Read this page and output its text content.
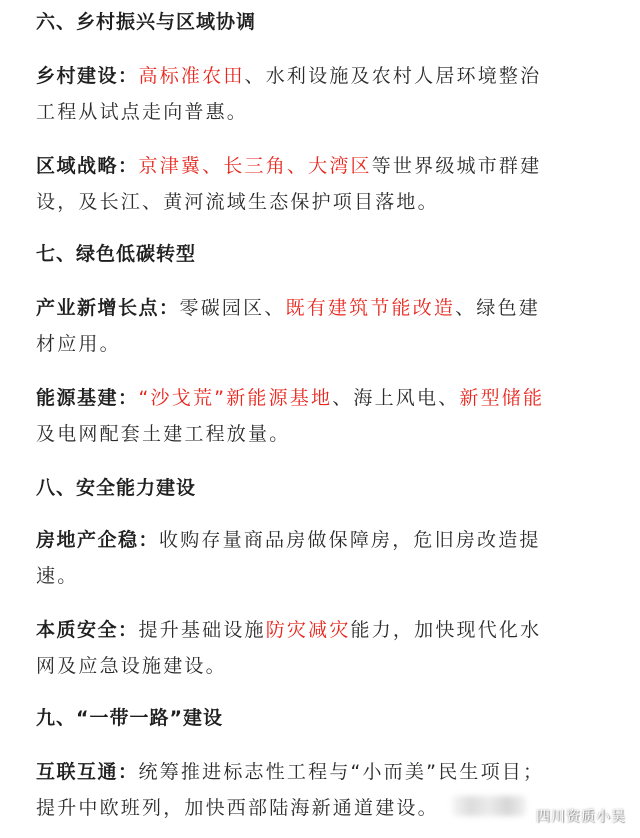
六、乡村振兴与区域协调
乡村建设：高标准农田、水利设施及农村人居环境整治工程从试点走向普惠。
区域战略：京津冀、长三角、大湾区等世界级城市群建设，及长江、黄河流域生态保护项目落地。
七、绿色低碳转型
产业新增长点：零碳园区、既有建筑节能改造、绿色建材应用。
能源基建：“沙戈荒”新能源基地、海上风电、新型储能及电网配套土建工程放量。
八、安全能力建设
房地产企稳：收购存量商品房做保障房，危旧房改造提速。
本质安全：提升基础设施防灾减灾能力，加快现代化水网及应急设施建设。
九、“一带一路”建设
互联互通：统筹推进标志性工程与“小而美”民生项目；提升中欧班列，加快西部陆海新通道建设。	四川资质小吴
